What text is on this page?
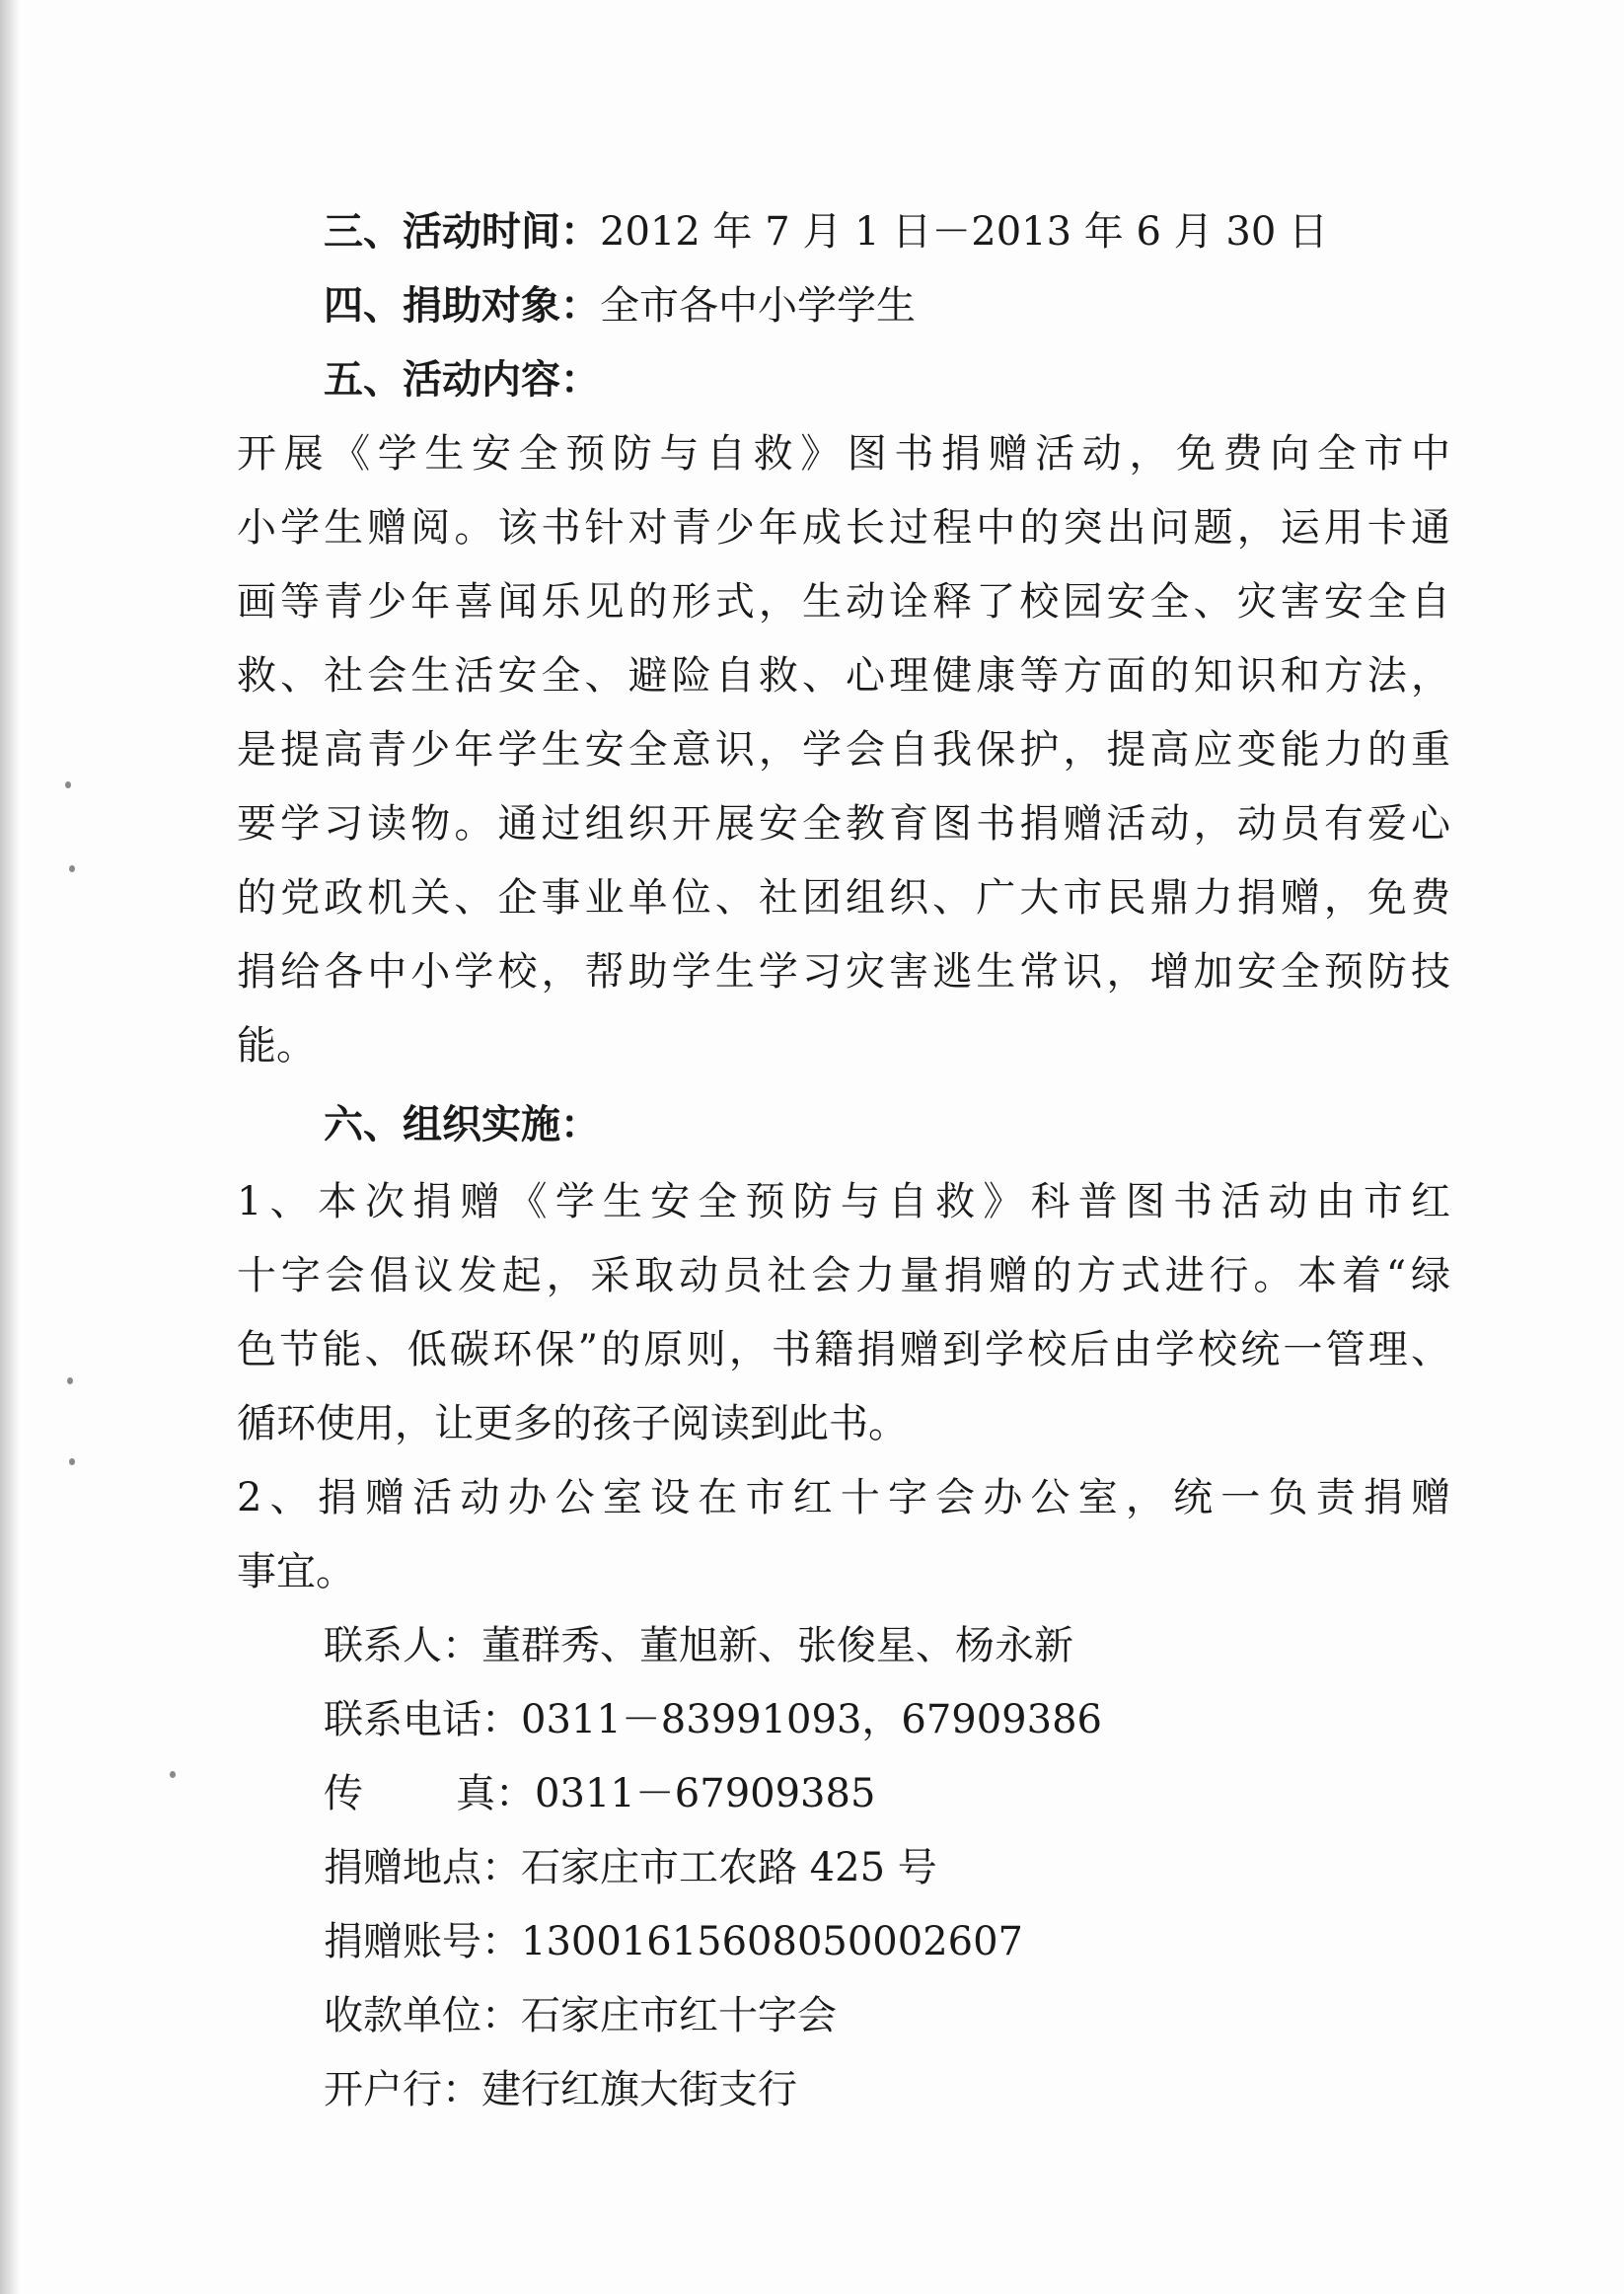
三、活动时间：2012 年 7 月 1 日－2013 年 6 月 30 日
四、捐助对象：全市各中小学学生
五、活动内容：
开展《学生安全预防与自救》图书捐赠活动，免费向全市中
小学生赠阅。该书针对青少年成长过程中的突出问题，运用卡通
画等青少年喜闻乐见的形式，生动诠释了校园安全、灾害安全自
救、社会生活安全、避险自救、心理健康等方面的知识和方法，
是提高青少年学生安全意识，学会自我保护，提高应变能力的重
要学习读物。通过组织开展安全教育图书捐赠活动，动员有爱心
的党政机关、企事业单位、社团组织、广大市民鼎力捐赠，免费
捐给各中小学校，帮助学生学习灾害逃生常识，增加安全预防技
能。
六、组织实施：
1、本次捐赠《学生安全预防与自救》科普图书活动由市红
十字会倡议发起，采取动员社会力量捐赠的方式进行。本着“绿
色节能、低碳环保”的原则，书籍捐赠到学校后由学校统一管理、
循环使用，让更多的孩子阅读到此书。
2、捐赠活动办公室设在市红十字会办公室，统一负责捐赠
事宜。
联系人：董群秀、董旭新、张俊星、杨永新
联系电话：0311－83991093，67909386
传 真：0311－67909385
捐赠地点：石家庄市工农路 425 号
捐赠账号：13001615608050002607
收款单位：石家庄市红十字会
开户行：建行红旗大街支行
